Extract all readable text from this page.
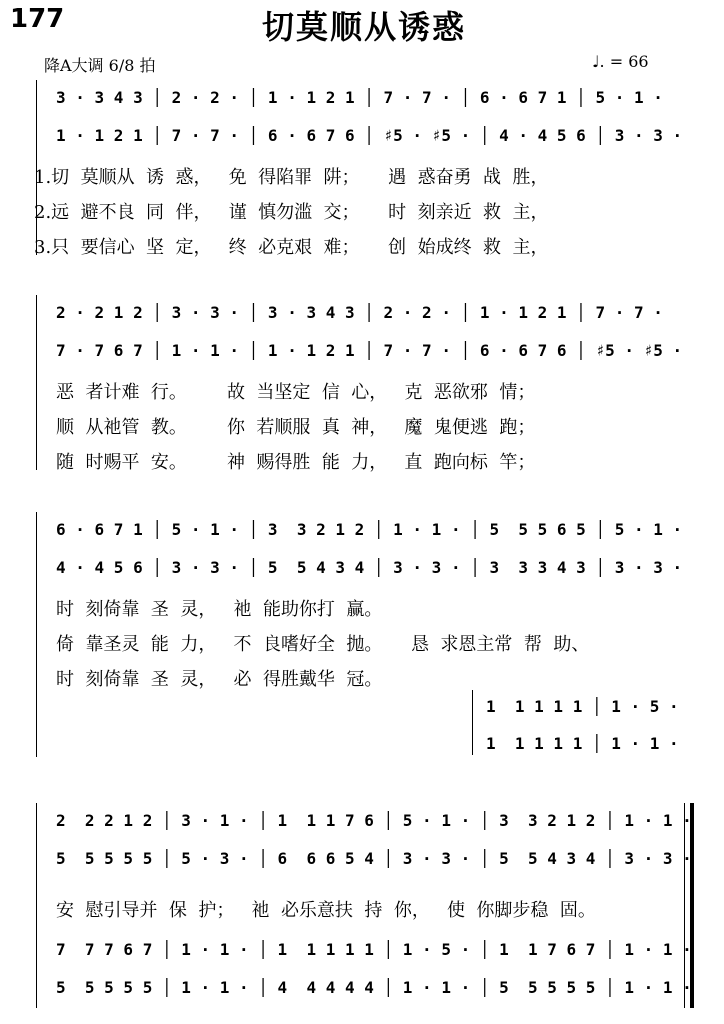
177	切莫顺从诱惑
降A大调 6/8 拍	♩. = 66
3 · 3 4 3 │ 2 · 2 · │ 1 · 1 2 1 │ 7 · 7 · │ 6 · 6 7 1 │ 5 · 1 ·
1 · 1 2 1 │ 7 · 7 · │ 6 · 6 7 6 │ ♯5 · ♯5 · │ 4 · 4 5 6 │ 3 · 3 ·
1.切  莫顺从  诱  惑，   免  得陷罪  阱；     遇  惑奋勇  战  胜，
2.远  避不良  同  伴，   谨  慎勿滥  交；     时  刻亲近  救  主，
3.只  要信心  坚  定，   终  必克艰  难；     创  始成终  救  主，
2 · 2 1 2 │ 3 · 3 · │ 3 · 3 4 3 │ 2 · 2 · │ 1 · 1 2 1 │ 7 · 7 ·
7 · 7 6 7 │ 1 · 1 · │ 1 · 1 2 1 │ 7 · 7 · │ 6 · 6 7 6 │ ♯5 · ♯5 ·
恶  者计难  行。       故  当坚定  信  心，   克  恶欲邪  情；
顺  从祂管  教。       你  若顺服  真  神，   魔  鬼便逃  跑；
随  时赐平  安。       神  赐得胜  能  力，   直  跑向标  竿；
6 · 6 7 1 │ 5 · 1 · │ 3  3 2 1 2 │ 1 · 1 · │ 5  5 5 6 5 │ 5 · 1 ·
4 · 4 5 6 │ 3 · 3 · │ 5  5 4 3 4 │ 3 · 3 · │ 3  3 3 4 3 │ 3 · 3 ·
时  刻倚靠  圣  灵，   祂  能助你打  赢。
倚  靠圣灵  能  力，   不  良嗜好全  抛。     恳  求恩主常  帮  助、
时  刻倚靠  圣  灵，   必  得胜戴华  冠。
1  1 1 1 1 │ 1 · 5 ·
1  1 1 1 1 │ 1 · 1 ·
2  2 2 1 2 │ 3 · 1 · │ 1  1 1 7 6 │ 5 · 1 · │ 3  3 2 1 2 │ 1 · 1 ·
5  5 5 5 5 │ 5 · 3 · │ 6  6 6 5 4 │ 3 · 3 · │ 5  5 4 3 4 │ 3 · 3 ·
安  慰引导并  保  护；   祂  必乐意扶  持  你，   使  你脚步稳  固。
7  7 7 6 7 │ 1 · 1 · │ 1  1 1 1 1 │ 1 · 5 · │ 1  1 7 6 7 │ 1 · 1 ·
5  5 5 5 5 │ 1 · 1 · │ 4  4 4 4 4 │ 1 · 1 · │ 5  5 5 5 5 │ 1 · 1 ·
